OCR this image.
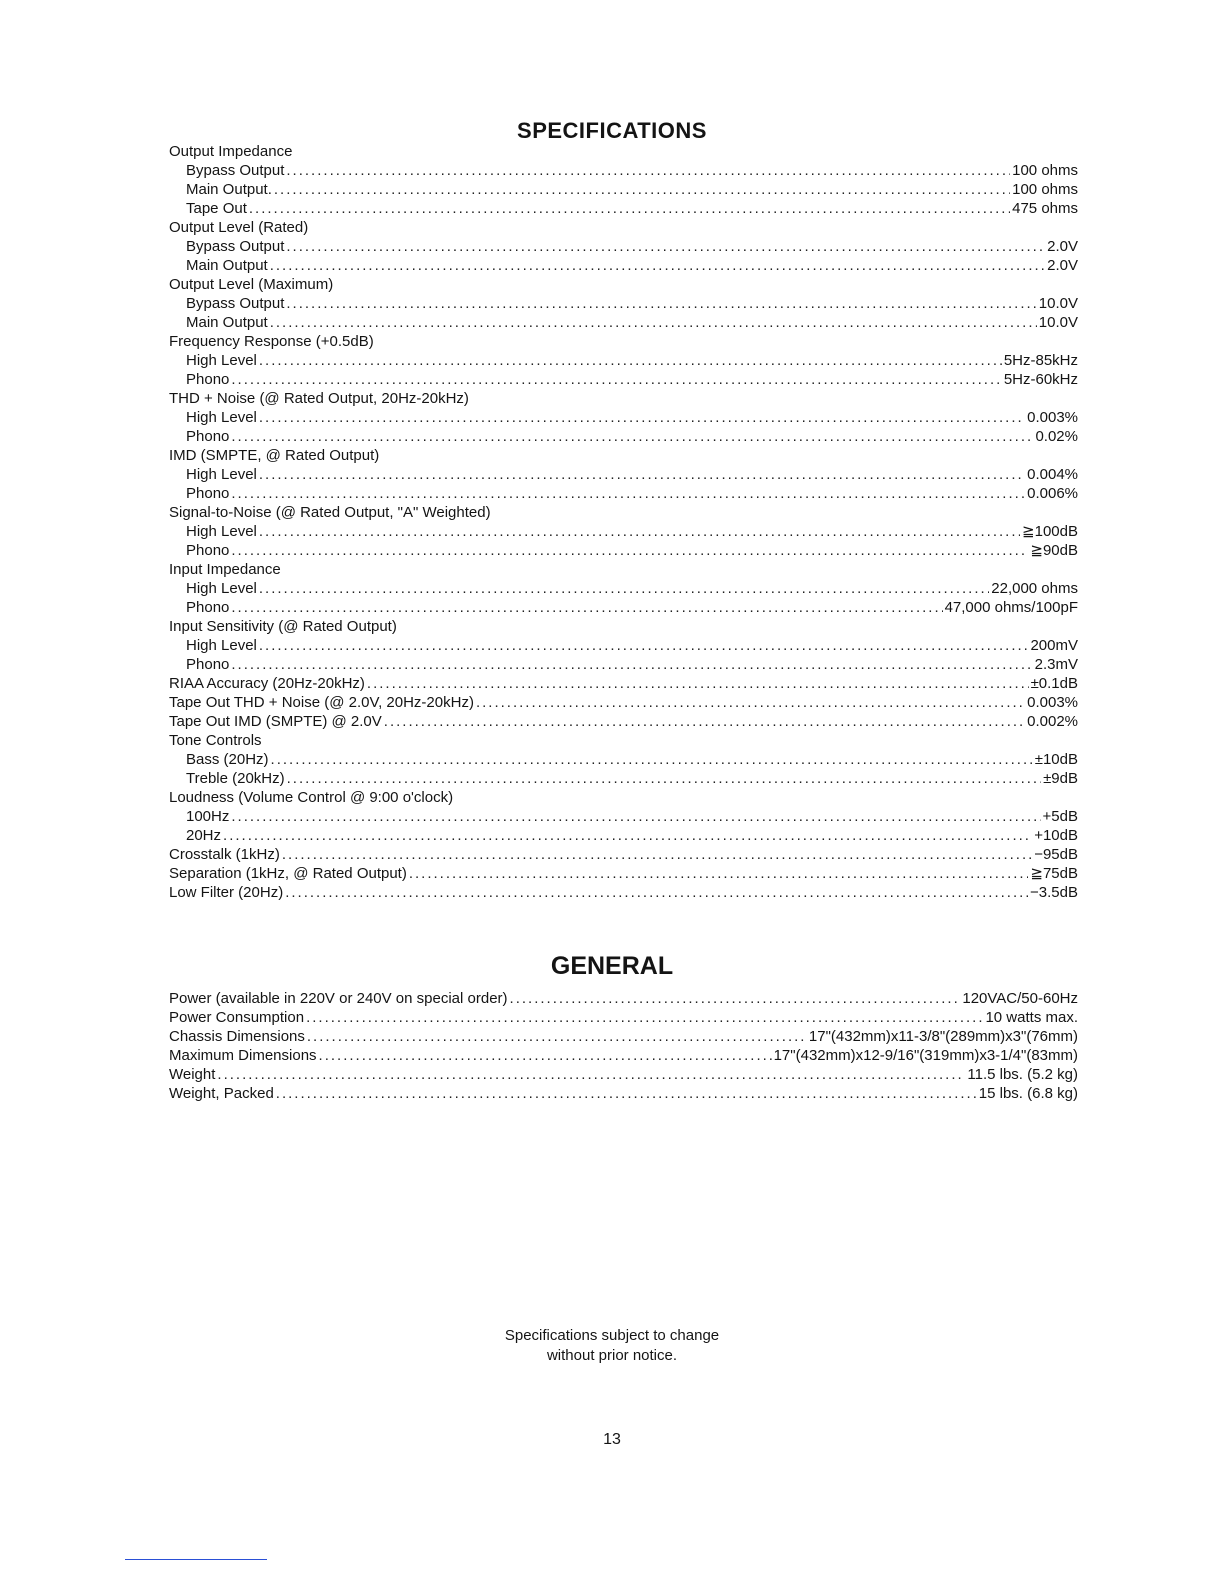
SPECIFICATIONS
Output Impedance
Bypass Output .....	100 ohms
Main Output. .....	100 ohms
Tape Out .....	475 ohms
Output Level (Rated)
Bypass Output .....	2.0V
Main Output .....	2.0V
Output Level (Maximum)
Bypass Output .....	10.0V
Main Output .....	10.0V
Frequency Response (+0.5dB)
High Level .....	5Hz-85kHz
Phono .....	5Hz-60kHz
THD + Noise (@ Rated Output, 20Hz-20kHz)
High Level .....	0.003%
Phono .....	0.02%
IMD (SMPTE, @ Rated Output)
High Level .....	0.004%
Phono .....	0.006%
Signal-to-Noise (@ Rated Output, "A" Weighted)
High Level .....	≧100dB
Phono .....	≧90dB
Input Impedance
High Level .....	22,000 ohms
Phono .....	47,000 ohms/100pF
Input Sensitivity (@ Rated Output)
High Level .....	200mV
Phono .....	2.3mV
RIAA Accuracy (20Hz-20kHz) .....	±0.1dB
Tape Out THD + Noise (@ 2.0V, 20Hz-20kHz) .....	0.003%
Tape Out IMD (SMPTE) @ 2.0V .....	0.002%
Tone Controls
Bass (20Hz) .....	±10dB
Treble (20kHz) .....	±9dB
Loudness (Volume Control @ 9:00 o'clock)
100Hz .....	+5dB
20Hz .....	+10dB
Crosstalk (1kHz) .....	−95dB
Separation (1kHz, @ Rated Output) .....	≧75dB
Low Filter (20Hz) .....	−3.5dB
GENERAL
Power (available in 220V or 240V on special order) .....	120VAC/50-60Hz
Power Consumption .....	10 watts max.
Chassis Dimensions .....	17"(432mm)x11-3/8"(289mm)x3"(76mm)
Maximum Dimensions .....	17"(432mm)x12-9/16"(319mm)x3-1/4"(83mm)
Weight .....	11.5 lbs. (5.2 kg)
Weight, Packed .....	15 lbs. (6.8 kg)
Specifications subject to change
without prior notice.
13
